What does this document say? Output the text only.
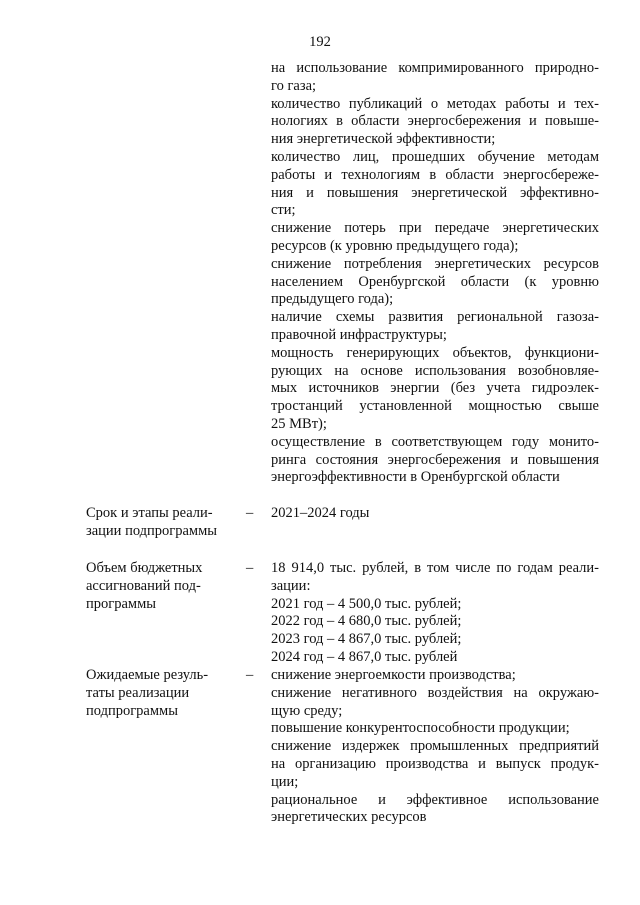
192
на использование компримированного природно-
го газа;
количество публикаций о методах работы и тех-
нологиях в области энергосбережения и повыше-
ния энергетической эффективности;
количество лиц, прошедших обучение методам
работы и технологиям в области энергосбереже-
ния и повышения энергетической эффективно-
сти;
снижение потерь при передаче энергетических
ресурсов (к уровню предыдущего года);
снижение потребления энергетических ресурсов
населением Оренбургской области (к уровню
предыдущего года);
наличие схемы развития региональной газоза-
правочной инфраструктуры;
мощность генерирующих объектов, функциони-
рующих на основе использования возобновляе-
мых источников энергии (без учета гидроэлек-
тростанций установленной мощностью свыше
25 МВт);
осуществление в соответствующем году монито-
ринга состояния энергосбережения и повышения
энергоэффективности в Оренбургской области
Срок и этапы реали-
зации подпрограммы
–	2021–2024 годы
Объем бюджетных
ассигнований под-
программы
–	18 914,0 тыс. рублей, в том числе по годам реали-
зации:
2021 год – 4 500,0 тыс. рублей;
2022 год – 4 680,0 тыс. рублей;
2023 год – 4 867,0 тыс. рублей;
2024 год – 4 867,0 тыс. рублей
Ожидаемые резуль-
таты реализации
подпрограммы
–	снижение энергоемкости производства;
снижение негативного воздействия на окружаю-
щую среду;
повышение конкурентоспособности продукции;
снижение издержек промышленных предприятий
на организацию производства и выпуск продук-
ции;
рациональное и эффективное использование
энергетических ресурсов
